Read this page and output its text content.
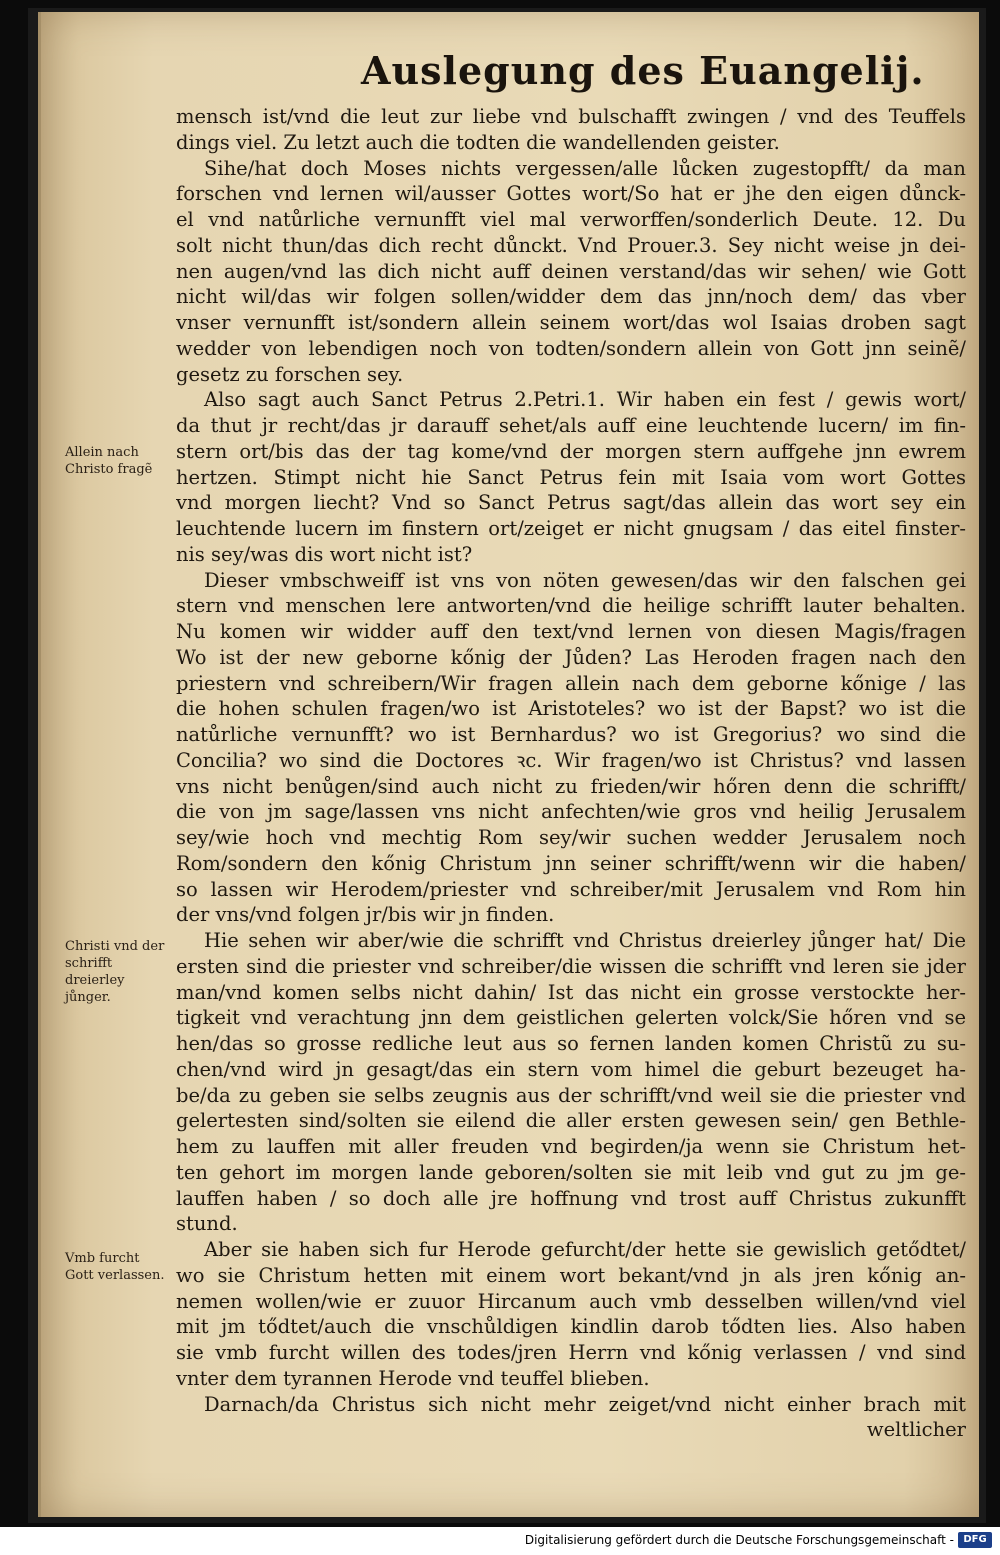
Auslegung des Euangelij.
Allein nach Christo fragẽ
Christi vnd der schrifft dreierley jůnger.
Vmb furcht Gott verlassen.
mensch ist/vnd die leut zur liebe vnd bulschafft zwingen / vnd des Teuffels
dings viel. Zu letzt auch die todten die wandellenden geister.
Sihe/hat doch Moses nichts vergessen/alle lůcken zugestopfft/ da man
forschen vnd lernen wil/ausser Gottes wort/So hat er jhe den eigen důnck-
el vnd natůrliche vernunfft viel mal verworffen/sonderlich Deute. 12. Du
solt nicht thun/das dich recht důnckt. Vnd Prouer.3. Sey nicht weise jn dei-
nen augen/vnd las dich nicht auff deinen verstand/das wir sehen/ wie Gott
nicht wil/das wir folgen sollen/widder dem das jnn/noch dem/ das vber
vnser vernunfft ist/sondern allein seinem wort/das wol Isaias droben sagt
wedder von lebendigen noch von todten/sondern allein von Gott jnn seinẽ/
gesetz zu forschen sey.
Also sagt auch Sanct Petrus 2.Petri.1. Wir haben ein fest / gewis wort/
da thut jr recht/das jr darauff sehet/als auff eine leuchtende lucern/ im fin-
stern ort/bis das der tag kome/vnd der morgen stern auffgehe jnn ewrem
hertzen. Stimpt nicht hie Sanct Petrus fein mit Isaia vom wort Gottes
vnd morgen liecht? Vnd so Sanct Petrus sagt/das allein das wort sey ein
leuchtende lucern im finstern ort/zeiget er nicht gnugsam / das eitel finster-
nis sey/was dis wort nicht ist?
Dieser vmbschweiff ist vns von nöten gewesen/das wir den falschen gei
stern vnd menschen lere antworten/vnd die heilige schrifft lauter behalten.
Nu komen wir widder auff den text/vnd lernen von diesen Magis/fragen
Wo ist der new geborne kőnig der Jůden? Las Heroden fragen nach den
priestern vnd schreibern/Wir fragen allein nach dem geborne kőnige / las
die hohen schulen fragen/wo ist Aristoteles? wo ist der Bapst? wo ist die
natůrliche vernunfft? wo ist Bernhardus? wo ist Gregorius? wo sind die
Concilia? wo sind die Doctores ꝛc. Wir fragen/wo ist Christus? vnd lassen
vns nicht benůgen/sind auch nicht zu frieden/wir hőren denn die schrifft/
die von jm sage/lassen vns nicht anfechten/wie gros vnd heilig Jerusalem
sey/wie hoch vnd mechtig Rom sey/wir suchen wedder Jerusalem noch
Rom/sondern den kőnig Christum jnn seiner schrifft/wenn wir die haben/
so lassen wir Herodem/priester vnd schreiber/mit Jerusalem vnd Rom hin
der vns/vnd folgen jr/bis wir jn finden.
Hie sehen wir aber/wie die schrifft vnd Christus dreierley jůnger hat/ Die
ersten sind die priester vnd schreiber/die wissen die schrifft vnd leren sie jder
man/vnd komen selbs nicht dahin/ Ist das nicht ein grosse verstockte her-
tigkeit vnd verachtung jnn dem geistlichen gelerten volck/Sie hőren vnd se
hen/das so grosse redliche leut aus so fernen landen komen Christũ zu su-
chen/vnd wird jn gesagt/das ein stern vom himel die geburt bezeuget ha-
be/da zu geben sie selbs zeugnis aus der schrifft/vnd weil sie die priester vnd
gelertesten sind/solten sie eilend die aller ersten gewesen sein/ gen Bethle-
hem zu lauffen mit aller freuden vnd begirden/ja wenn sie Christum het-
ten gehort im morgen lande geboren/solten sie mit leib vnd gut zu jm ge-
lauffen haben / so doch alle jre hoffnung vnd trost auff Christus zukunfft
stund.
Aber sie haben sich fur Herode gefurcht/der hette sie gewislich getődtet/
wo sie Christum hetten mit einem wort bekant/vnd jn als jren kőnig an-
nemen wollen/wie er zuuor Hircanum auch vmb desselben willen/vnd viel
mit jm tődtet/auch die vnschůldigen kindlin darob tődten lies. Also haben
sie vmb furcht willen des todes/jren Herrn vnd kőnig verlassen / vnd sind
vnter dem tyrannen Herode vnd teuffel blieben.
Darnach/da Christus sich nicht mehr zeiget/vnd nicht einher brach mit
weltlicher
Digitalisierung gefördert durch die Deutsche Forschungsgemeinschaft - DFG
